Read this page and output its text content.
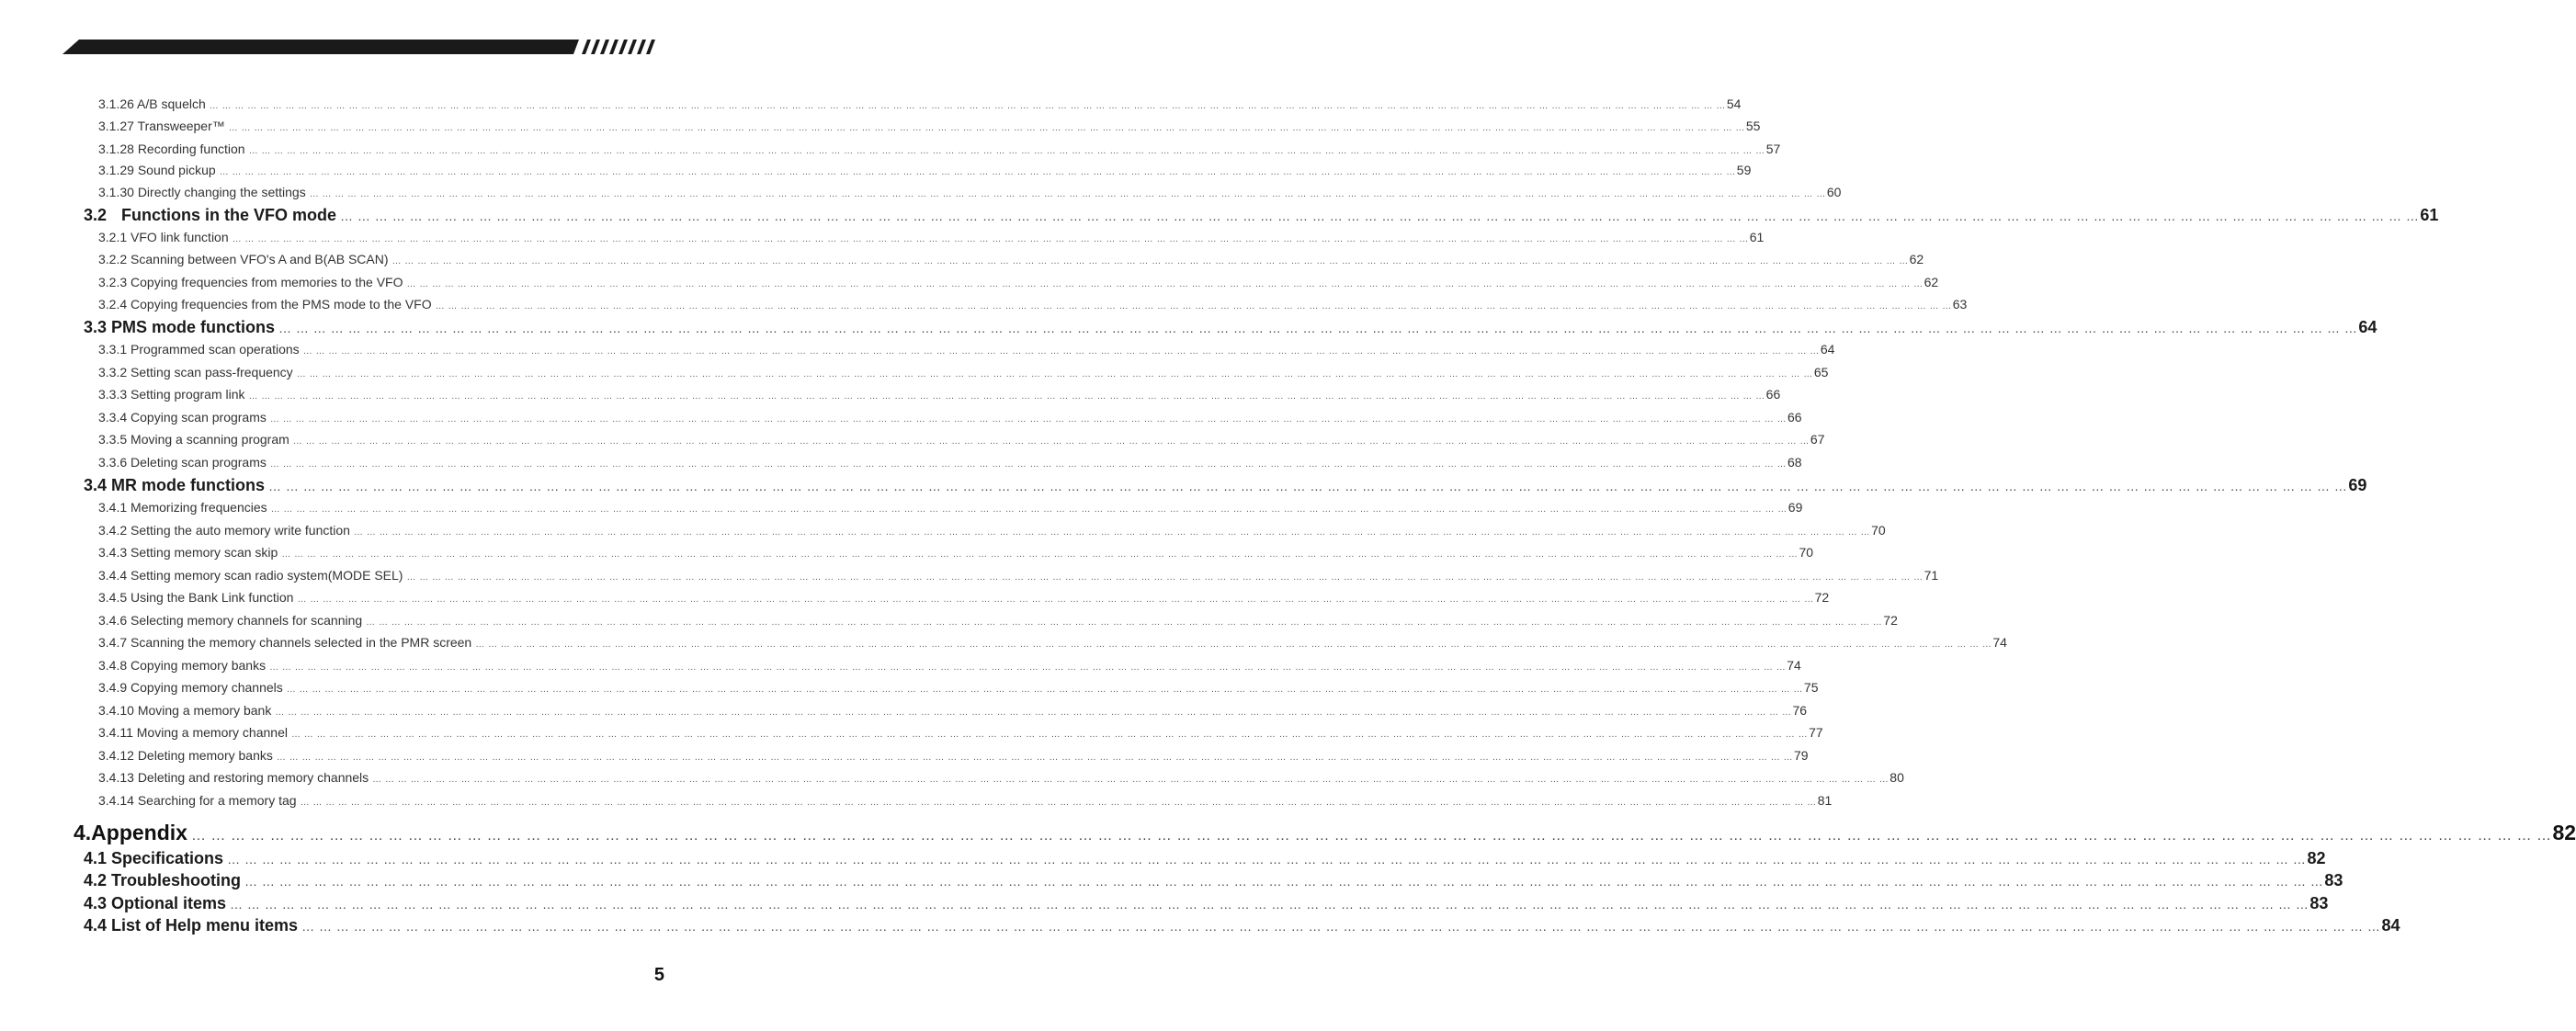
3.1.26 A/B squelch … … … … … … … … … … … … … … … … … … … … … … … … … … … … … … … … … … … … … … … … … … … … … … … … … … … … … … … … … … … … … … … … … … … … … … … … … … … … … … … … … … … … … … … … … … … … … … … … … … … … … … … … … … … … … … … … … … … … … … … … 54
3.1.27 Transweeper™ … … … … … … … … … … … … … … … … … … … … … … … … … … … … … … … … … … … … … … … … … … … … … … … … … … … … … … … … … … … … … … … … … … … … … … … … … … … … … … … … … … … … … … … … … … … … … … … … … … … … … … … … … … … … … … … … … … … … … … … … 55
3.1.28 Recording function … … … … … … … … … … … … … … … … … … … … … … … … … … … … … … … … … … … … … … … … … … … … … … … … … … … … … … … … … … … … … … … … … … … … … … … … … … … … … … … … … … … … … … … … … … … … … … … … … … … … … … … … … … … … … … … … … … … … … … … … 57
3.1.29 Sound pickup … … … … … … … … … … … … … … … … … … … … … … … … … … … … … … … … … … … … … … … … … … … … … … … … … … … … … … … … … … … … … … … … … … … … … … … … … … … … … … … … … … … … … … … … … … … … … … … … … … … … … … … … … … … … … … … … … … … … … … … … 59
3.1.30 Directly changing the settings … … … … … … … … … … … … … … … … … … … … … … … … … … … … … … … … … … … … … … … … … … … … … … … … … … … … … … … … … … … … … … … … … … … … … … … … … … … … … … … … … … … … … … … … … … … … … … … … … … … … … … … … … … … … … … … … … … … … … … … … 60
3.2 Functions in the VFO mode … … … … … … … … … … … … … … … … … … … … … … … … … … … … … … … … … … … … … … … … … … … … … … … … … … … … … … … … … … … … … … … … … … … … … … … … … … … … … … … … … … … … … … … … … … … … … … … … … … … … … … … … … … … … … … … … … … … … … … … … 61
3.2.1 VFO link function … … … … … … … … … … … … … … … … … … … … … … … … … … … … … … … … … … … … … … … … … … … … … … … … … … … … … … … … … … … … … … … … … … … … … … … … … … … … … … … … … … … … … … … … … … … … … … … … … … … … … … … … … … … … … … … … … … … … … … … … 61
3.2.2 Scanning between VFO's A and B(AB SCAN) … … … … … … … … … … … … … … … … … … … … … … … … … … … … … … … … … … … … … … … … … … … … … … … … … … … … … … … … … … … … … … … … … … … … … … … … … … … … … … … … … … … … … … … … … … … … … … … … … … … … … … … … … … … … … … … … … … … … … … … … 62
3.2.3 Copying frequencies from memories to the VFO … … … … … … … … … … … … … … … … … … … … … … … … … … … … … … … … … … … … … … … … … … … … … … … … … … … … … … … … … … … … … … … … … … … … … … … … … … … … … … … … … … … … … … … … … … … … … … … … … … … … … … … … … … … … … … … … … … … … … … … … 62
3.2.4 Copying frequencies from the PMS mode to the VFO … … … … … … … … … … … … … … … … … … … … … … … … … … … … … … … … … … … … … … … … … … … … … … … … … … … … … … … … … … … … … … … … … … … … … … … … … … … … … … … … … … … … … … … … … … … … … … … … … … … … … … … … … … … … … … … … … … … … … … … … 63
3.3 PMS mode functions … … … … … … … … … … … … … … … … … … … … … … … … … … … … … … … … … … … … … … … … … … … … … … … … … … … … … … … … … … … … … … … … … … … … … … … … … … … … … … … … … … … … … … … … … … … … … … … … … … … … … … … … … … … … … … … … … … … … … … … … 64
3.3.1 Programmed scan operations … … … … … … … … … … … … … … … … … … … … … … … … … … … … … … … … … … … … … … … … … … … … … … … … … … … … … … … … … … … … … … … … … … … … … … … … … … … … … … … … … … … … … … … … … … … … … … … … … … … … … … … … … … … … … … … … … … … … … … … … 64
3.3.2 Setting scan pass-frequency … … … … … … … … … … … … … … … … … … … … … … … … … … … … … … … … … … … … … … … … … … … … … … … … … … … … … … … … … … … … … … … … … … … … … … … … … … … … … … … … … … … … … … … … … … … … … … … … … … … … … … … … … … … … … … … … … … … … … … … … 65
3.3.3 Setting program link … … … … … … … … … … … … … … … … … … … … … … … … … … … … … … … … … … … … … … … … … … … … … … … … … … … … … … … … … … … … … … … … … … … … … … … … … … … … … … … … … … … … … … … … … … … … … … … … … … … … … … … … … … … … … … … … … … … … … … … … 66
3.3.4 Copying scan programs … … … … … … … … … … … … … … … … … … … … … … … … … … … … … … … … … … … … … … … … … … … … … … … … … … … … … … … … … … … … … … … … … … … … … … … … … … … … … … … … … … … … … … … … … … … … … … … … … … … … … … … … … … … … … … … … … … … … … … … … 66
3.3.5 Moving a scanning program … … … … … … … … … … … … … … … … … … … … … … … … … … … … … … … … … … … … … … … … … … … … … … … … … … … … … … … … … … … … … … … … … … … … … … … … … … … … … … … … … … … … … … … … … … … … … … … … … … … … … … … … … … … … … … … … … … … … … … … … 67
3.3.6 Deleting scan programs … … … … … … … … … … … … … … … … … … … … … … … … … … … … … … … … … … … … … … … … … … … … … … … … … … … … … … … … … … … … … … … … … … … … … … … … … … … … … … … … … … … … … … … … … … … … … … … … … … … … … … … … … … … … … … … … … … … … … … … … 68
3.4 MR mode functions … … … … … … … … … … … … … … … … … … … … … … … … … … … … … … … … … … … … … … … … … … … … … … … … … … … … … … … … … … … … … … … … … … … … … … … … … … … … … … … … … … … … … … … … … … … … … … … … … … … … … … … … … … … … … … … … … … … … … … … … 69
3.4.1 Memorizing frequencies … … … … … … … … … … … … … … … … … … … … … … … … … … … … … … … … … … … … … … … … … … … … … … … … … … … … … … … … … … … … … … … … … … … … … … … … … … … … … … … … … … … … … … … … … … … … … … … … … … … … … … … … … … … … … … … … … … … … … … … … 69
3.4.2 Setting the auto memory write function … … … … … … … … … … … … … … … … … … … … … … … … … … … … … … … … … … … … … … … … … … … … … … … … … … … … … … … … … … … … … … … … … … … … … … … … … … … … … … … … … … … … … … … … … … … … … … … … … … … … … … … … … … … … … … … … … … … … … … … … 70
3.4.3 Setting memory scan skip … … … … … … … … … … … … … … … … … … … … … … … … … … … … … … … … … … … … … … … … … … … … … … … … … … … … … … … … … … … … … … … … … … … … … … … … … … … … … … … … … … … … … … … … … … … … … … … … … … … … … … … … … … … … … … … … … … … … … … … … 70
3.4.4 Setting memory scan radio system(MODE SEL) … … … … … … … … … … … … … … … … … … … … … … … … … … … … … … … … … … … … … … … … … … … … … … … … … … … … … … … … … … … … … … … … … … … … … … … … … … … … … … … … … … … … … … … … … … … … … … … … … … … … … … … … … … … … … … … … … … … … … … … … 71
3.4.5 Using the Bank Link function … … … … … … … … … … … … … … … … … … … … … … … … … … … … … … … … … … … … … … … … … … … … … … … … … … … … … … … … … … … … … … … … … … … … … … … … … … … … … … … … … … … … … … … … … … … … … … … … … … … … … … … … … … … … … … … … … … … … … … … … 72
3.4.6 Selecting memory channels for scanning … … … … … … … … … … … … … … … … … … … … … … … … … … … … … … … … … … … … … … … … … … … … … … … … … … … … … … … … … … … … … … … … … … … … … … … … … … … … … … … … … … … … … … … … … … … … … … … … … … … … … … … … … … … … … … … … … … … … … … … … 72
3.4.7 Scanning the memory channels selected in the PMR screen … … … … … … … … … … … … … … … … … … … … … … … … … … … … … … … … … … … … … … … … … … … … … … … … … … … … … … … … … … … … … … … … … … … … … … … … … … … … … … … … … … … … … … … … … … … … … … … … … … … … … … … … … … … … … … … … … … … … … … … … 74
3.4.8 Copying memory banks … … … … … … … … … … … … … … … … … … … … … … … … … … … … … … … … … … … … … … … … … … … … … … … … … … … … … … … … … … … … … … … … … … … … … … … … … … … … … … … … … … … … … … … … … … … … … … … … … … … … … … … … … … … … … … … … … … … … … … … … 74
3.4.9 Copying memory channels … … … … … … … … … … … … … … … … … … … … … … … … … … … … … … … … … … … … … … … … … … … … … … … … … … … … … … … … … … … … … … … … … … … … … … … … … … … … … … … … … … … … … … … … … … … … … … … … … … … … … … … … … … … … … … … … … … … … … … … … 75
3.4.10 Moving a memory bank … … … … … … … … … … … … … … … … … … … … … … … … … … … … … … … … … … … … … … … … … … … … … … … … … … … … … … … … … … … … … … … … … … … … … … … … … … … … … … … … … … … … … … … … … … … … … … … … … … … … … … … … … … … … … … … … … … … … … … … … 76
3.4.11 Moving a memory channel … … … … … … … … … … … … … … … … … … … … … … … … … … … … … … … … … … … … … … … … … … … … … … … … … … … … … … … … … … … … … … … … … … … … … … … … … … … … … … … … … … … … … … … … … … … … … … … … … … … … … … … … … … … … … … … … … … … … … … … … 77
3.4.12 Deleting memory banks … … … … … … … … … … … … … … … … … … … … … … … … … … … … … … … … … … … … … … … … … … … … … … … … … … … … … … … … … … … … … … … … … … … … … … … … … … … … … … … … … … … … … … … … … … … … … … … … … … … … … … … … … … … … … … … … … … … … … … … … 79
3.4.13 Deleting and restoring memory channels … … … … … … … … … … … … … … … … … … … … … … … … … … … … … … … … … … … … … … … … … … … … … … … … … … … … … … … … … … … … … … … … … … … … … … … … … … … … … … … … … … … … … … … … … … … … … … … … … … … … … … … … … … … … … … … … … … … … … … … … 80
3.4.14 Searching for a memory tag … … … … … … … … … … … … … … … … … … … … … … … … … … … … … … … … … … … … … … … … … … … … … … … … … … … … … … … … … … … … … … … … … … … … … … … … … … … … … … … … … … … … … … … … … … … … … … … … … … … … … … … … … … … … … … … … … … … … … … … … 81
4.Appendix … … … … … … … … … … … … … … … … … … … … … … … … … … … … … … … … … … … … … … … … … … … … … … … … … … … … … … … … … … … … … … … … … … … … … … … … … … … … … … … … … … … … … … … … … … … … … … … … … … … … … … … … … … … … … … … … … … … … … … … … 82
4.1 Specifications … … … … … … … … … … … … … … … … … … … … … … … … … … … … … … … … … … … … … … … … … … … … … … … … … … … … … … … … … … … … … … … … … … … … … … … … … … … … … … … … … … … … … … … … … … … … … … … … … … … … … … … … … … … … … … … … … … … … … … … … 82
4.2 Troubleshooting … … … … … … … … … … … … … … … … … … … … … … … … … … … … … … … … … … … … … … … … … … … … … … … … … … … … … … … … … … … … … … … … … … … … … … … … … … … … … … … … … … … … … … … … … … … … … … … … … … … … … … … … … … … … … … … … … … … … … … … … 83
4.3 Optional items … … … … … … … … … … … … … … … … … … … … … … … … … … … … … … … … … … … … … … … … … … … … … … … … … … … … … … … … … … … … … … … … … … … … … … … … … … … … … … … … … … … … … … … … … … … … … … … … … … … … … … … … … … … … … … … … … … … … … … … … 83
4.4 List of Help menu items … … … … … … … … … … … … … … … … … … … … … … … … … … … … … … … … … … … … … … … … … … … … … … … … … … … … … … … … … … … … … … … … … … … … … … … … … … … … … … … … … … … … … … … … … … … … … … … … … … … … … … … … … … … … … … … … … … … … … … … … 84
5
